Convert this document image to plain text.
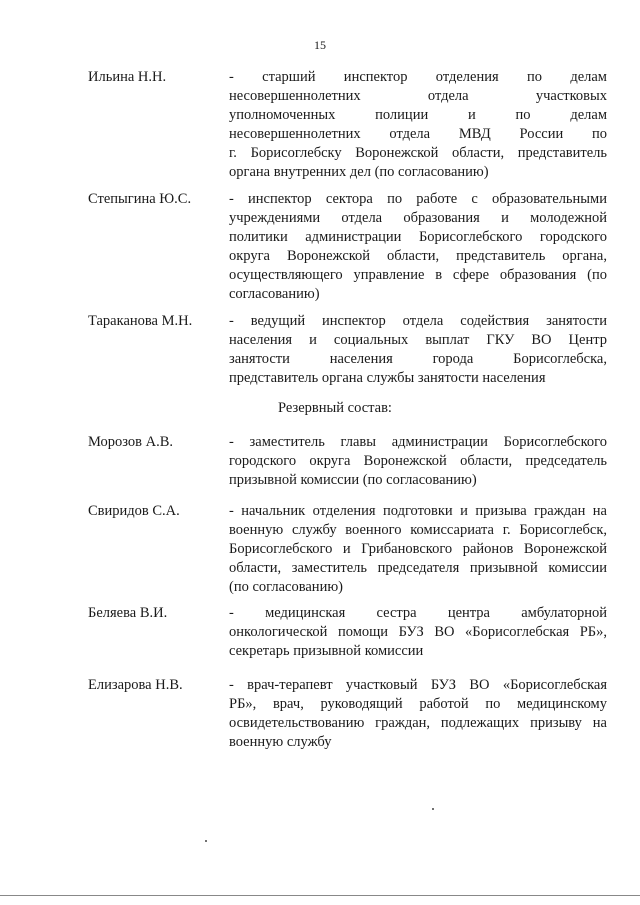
15
Ильина Н.Н.	- старший инспектор отделения по делам
несовершеннолетних отдела участковых
уполномоченных полиции и по делам
несовершеннолетних отдела МВД России по
г. Борисоглебску Воронежской области, представитель
органа внутренних дел (по согласованию)
Степыгина Ю.С.	- инспектор сектора по работе с образовательными
учреждениями отдела образования и молодежной
политики администрации Борисоглебского городского
округа Воронежской области, представитель органа,
осуществляющего управление в сфере образования (по
согласованию)
Тараканова М.Н.	- ведущий инспектор отдела содействия занятости
населения и социальных выплат ГКУ ВО Центр
занятости населения города Борисоглебска,
представитель органа службы занятости населения
Резервный состав:
Морозов А.В.	- заместитель главы администрации Борисоглебского
городского округа Воронежской области, председатель
призывной комиссии (по согласованию)
Свиридов С.А.	- начальник отделения подготовки и призыва граждан на
военную службу военного комиссариата г. Борисоглебск,
Борисоглебского и Грибановского районов Воронежской
области, заместитель председателя призывной комиссии
(по согласованию)
Беляева В.И.	- медицинская сестра центра амбулаторной
онкологической помощи БУЗ ВО «Борисоглебская РБ»,
секретарь призывной комиссии
Елизарова Н.В.	- врач-терапевт участковый БУЗ ВО «Борисоглебская
РБ», врач, руководящий работой по медицинскому
освидетельствованию граждан, подлежащих призыву на
военную службу
